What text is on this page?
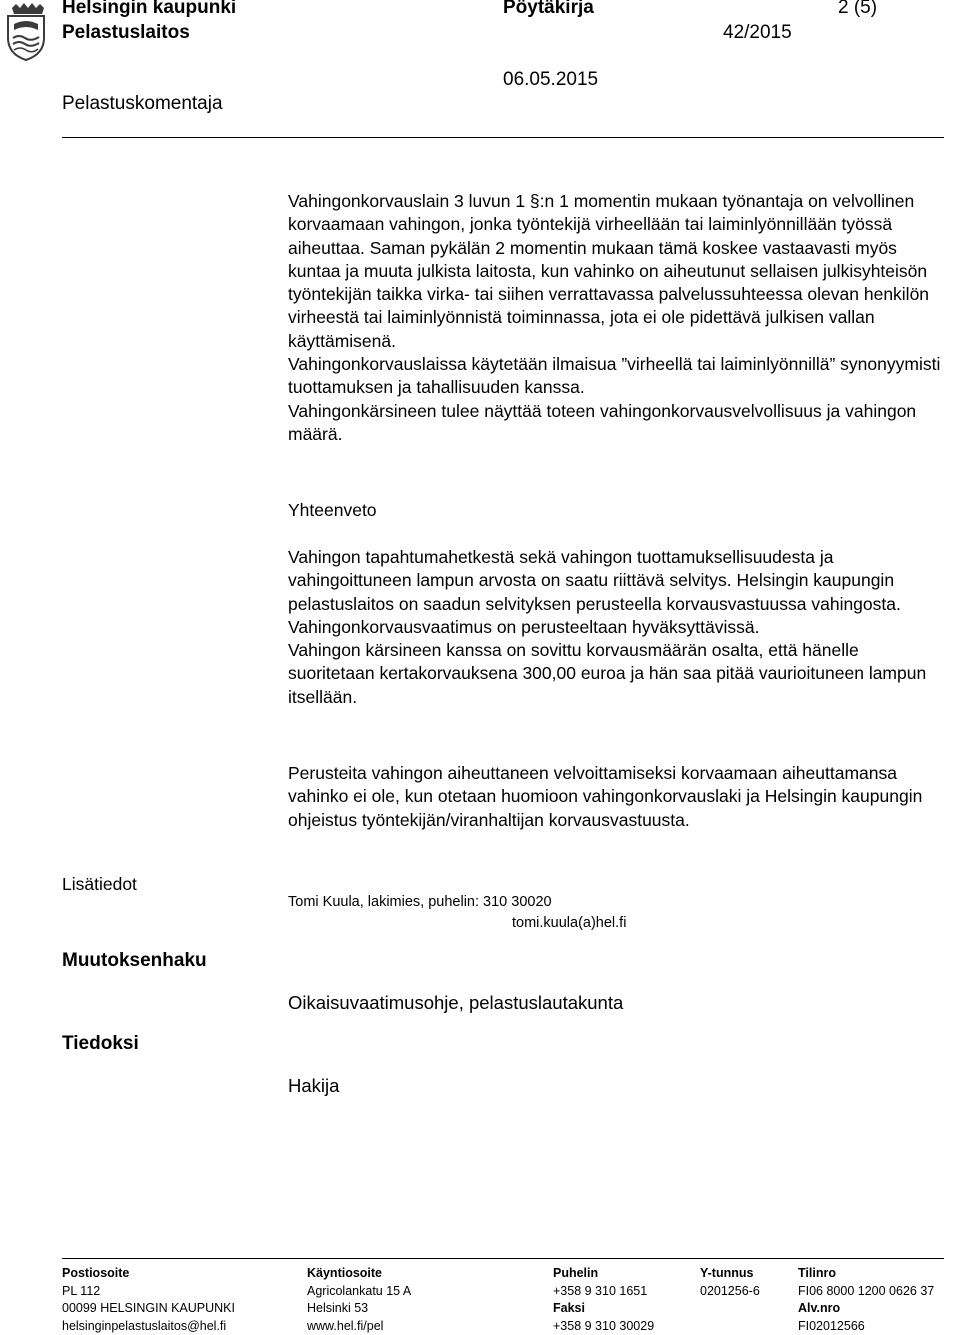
Helsingin kaupunki
Pelastuslaitos
Pöytäkirja	2 (5)
42/2015
06.05.2015
Pelastuskomentaja

Vahingonkorvauslain 3 luvun 1 §:n 1 momentin mukaan työnantaja on velvollinen korvaamaan vahingon, jonka työntekijä virheellään tai laiminlyönnillään työssä aiheuttaa. Saman pykälän 2 momentin mukaan tämä koskee vastaavasti myös kuntaa ja muuta julkista laitosta, kun vahinko on aiheutunut sellaisen julkisyhteisön työntekijän taikka virka- tai siihen verrattavassa palvelussuhteessa olevan henkilön virheestä tai laiminlyönnistä toiminnassa, jota ei ole pidettävä julkisen vallan käyttämisenä.

Vahingonkorvauslaissa käytetään ilmaisua ”virheellä tai laiminlyönnillä” synonyymisti tuottamuksen ja tahallisuuden kanssa.

Vahingonkärsineen tulee näyttää toteen vahingonkorvausvelvollisuus ja vahingon määrä.

Yhteenveto

Vahingon tapahtumahetkestä sekä vahingon tuottamuksellisuudesta ja vahingoittuneen lampun arvosta on saatu riittävä selvitys. Helsingin kaupungin pelastuslaitos on saadun selvityksen perusteella korvausvastuussa vahingosta. Vahingonkorvausvaatimus on perusteeltaan hyväksyttävissä.

Vahingon kärsineen kanssa on sovittu korvausmäärän osalta, että hänelle suoritetaan kertakorvauksena 300,00 euroa ja hän saa pitää vaurioituneen lampun itsellään.

Perusteita vahingon aiheuttaneen velvoittamiseksi korvaamaan aiheuttamansa vahinko ei ole, kun otetaan huomioon vahingonkorvauslaki ja Helsingin kaupungin ohjeistus työntekijän/viranhaltijan korvausvastuusta.

Lisätiedot
Tomi Kuula, lakimies, puhelin: 310 30020
tomi.kuula(a)hel.fi
Muutoksenhaku
Oikaisuvaatimusohje, pelastuslautakunta
Tiedoksi
Hakija
Postiosoite
PL 112
00099 HELSINGIN KAUPUNKI
helsinginpelastuslaitos@hel.fi
Käyntiosoite
Agricolankatu 15 A
Helsinki 53
www.hel.fi/pel
Puhelin
+358 9 310 1651
Faksi
+358 9 310 30029
Y-tunnus
0201256-6
Tilinro
FI06 8000 1200 0626 37
Alv.nro
FI02012566
